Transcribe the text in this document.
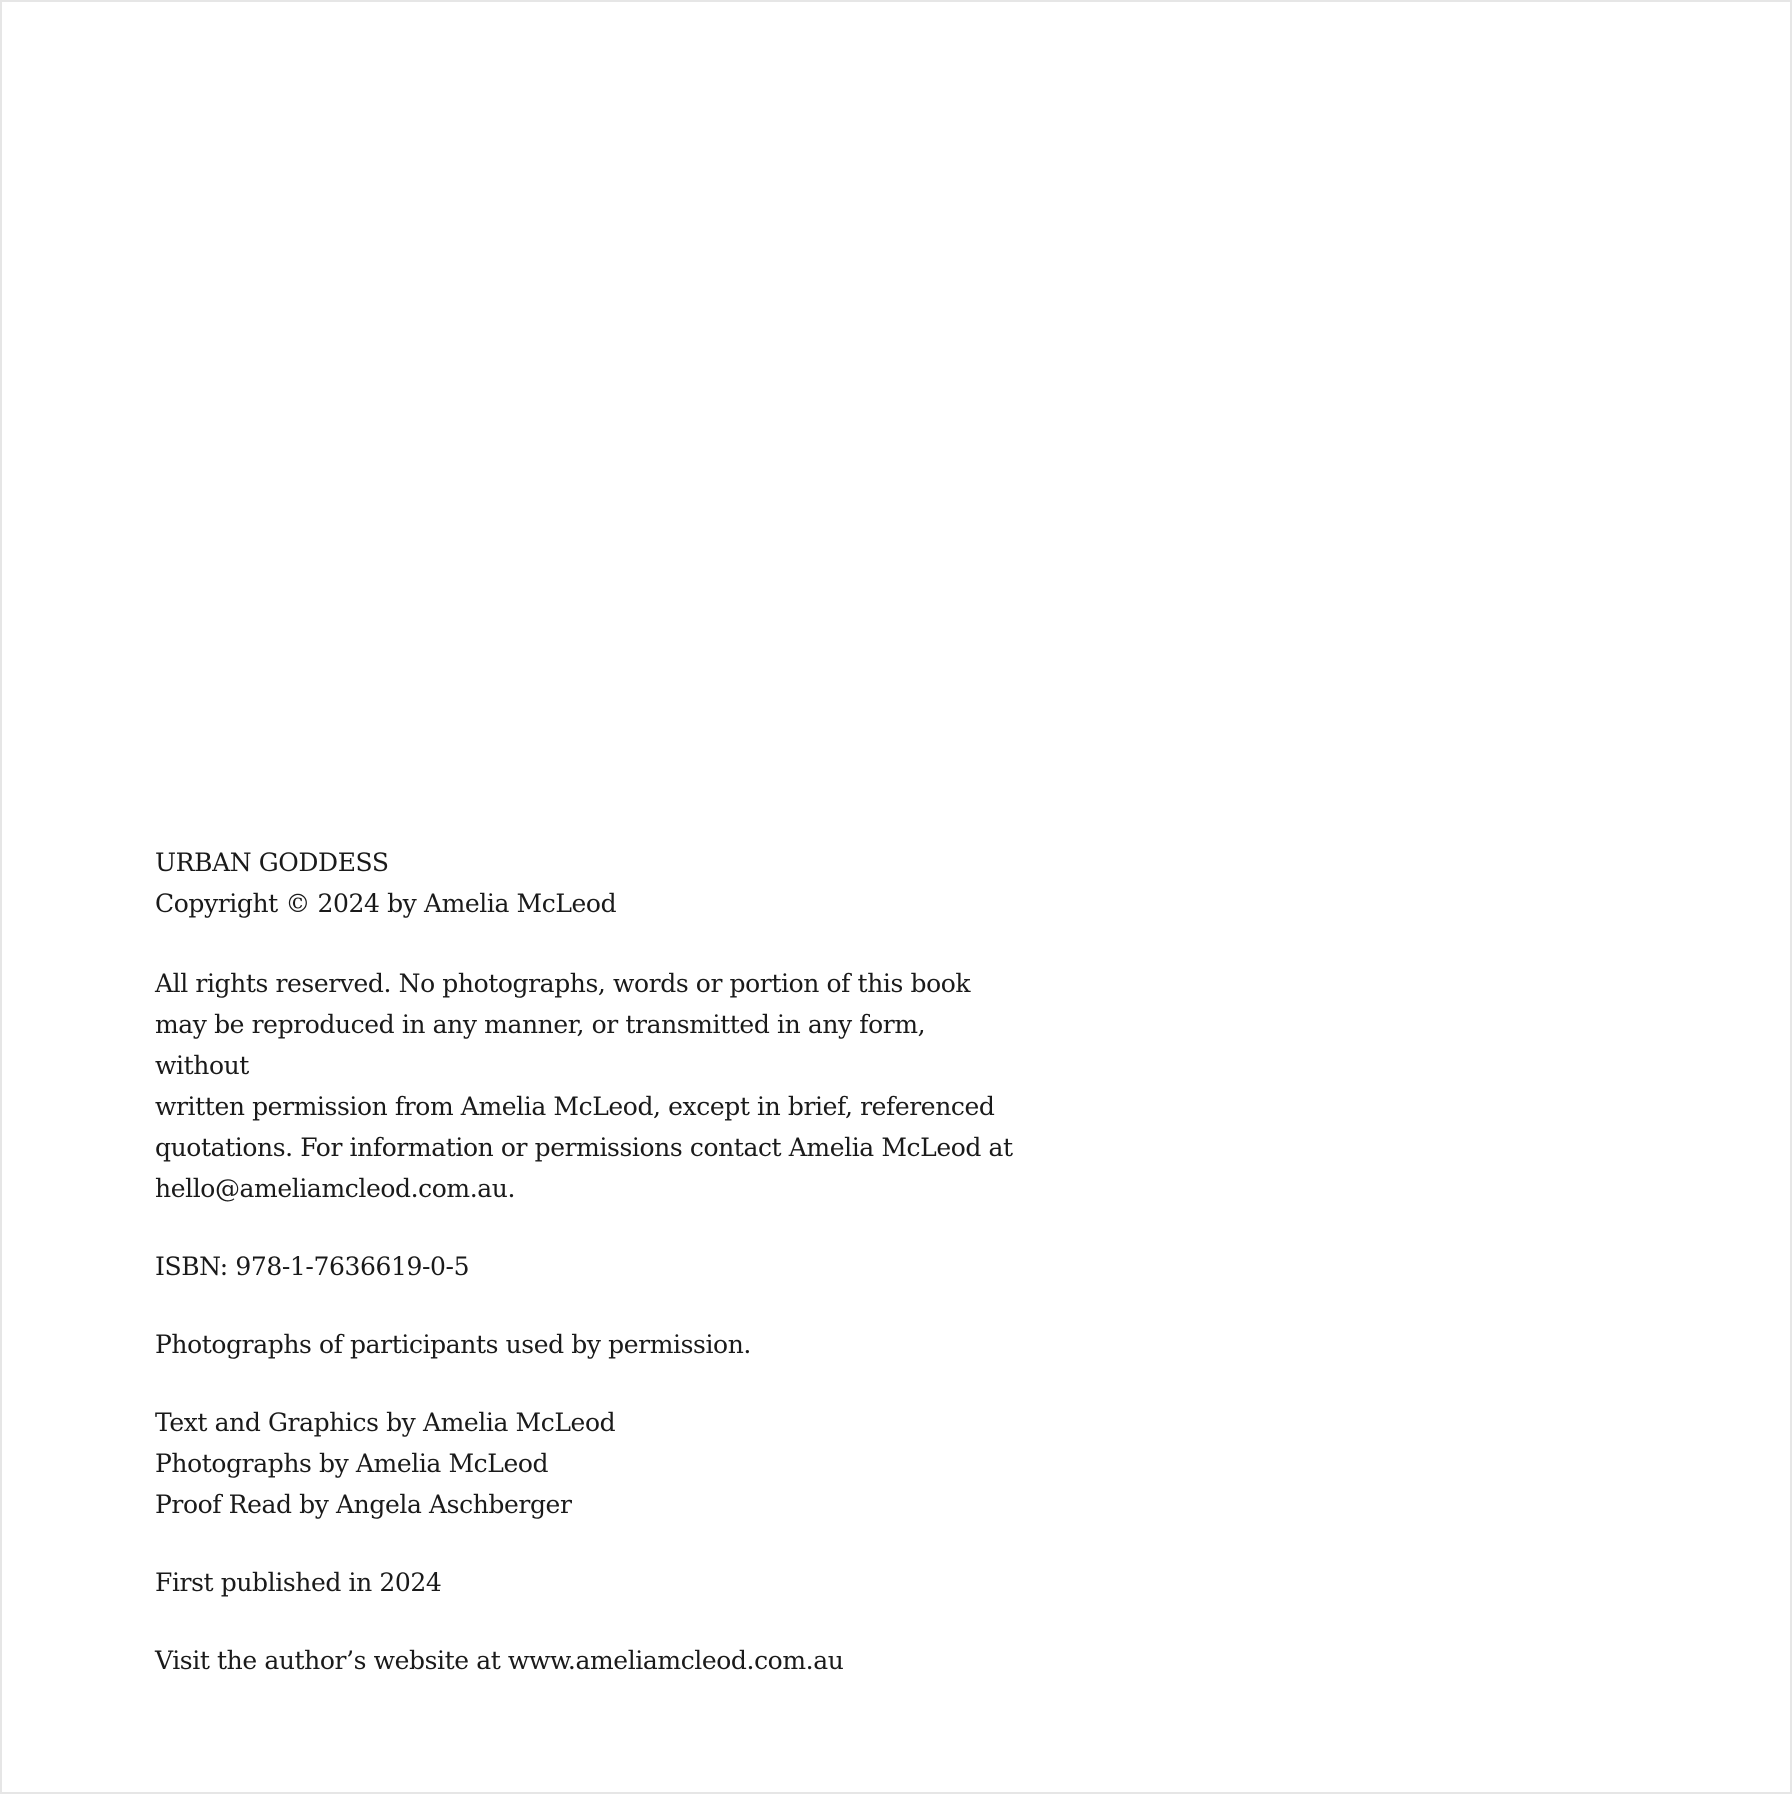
URBAN GODDESS

Copyright © 2024 by Amelia McLeod

All rights reserved. No photographs, words or portion of this book

may be reproduced in any manner, or transmitted in any form, without

written permission from Amelia McLeod, except in brief, referenced

quotations. For information or permissions contact Amelia McLeod at

hello@ameliamcleod.com.au.

ISBN: 978-1-7636619-0-5

Photographs of participants used by permission.

Text and Graphics by Amelia McLeod

Photographs by Amelia McLeod

Proof Read by Angela Aschberger

First published in 2024

Visit the author’s website at www.ameliamcleod.com.au
